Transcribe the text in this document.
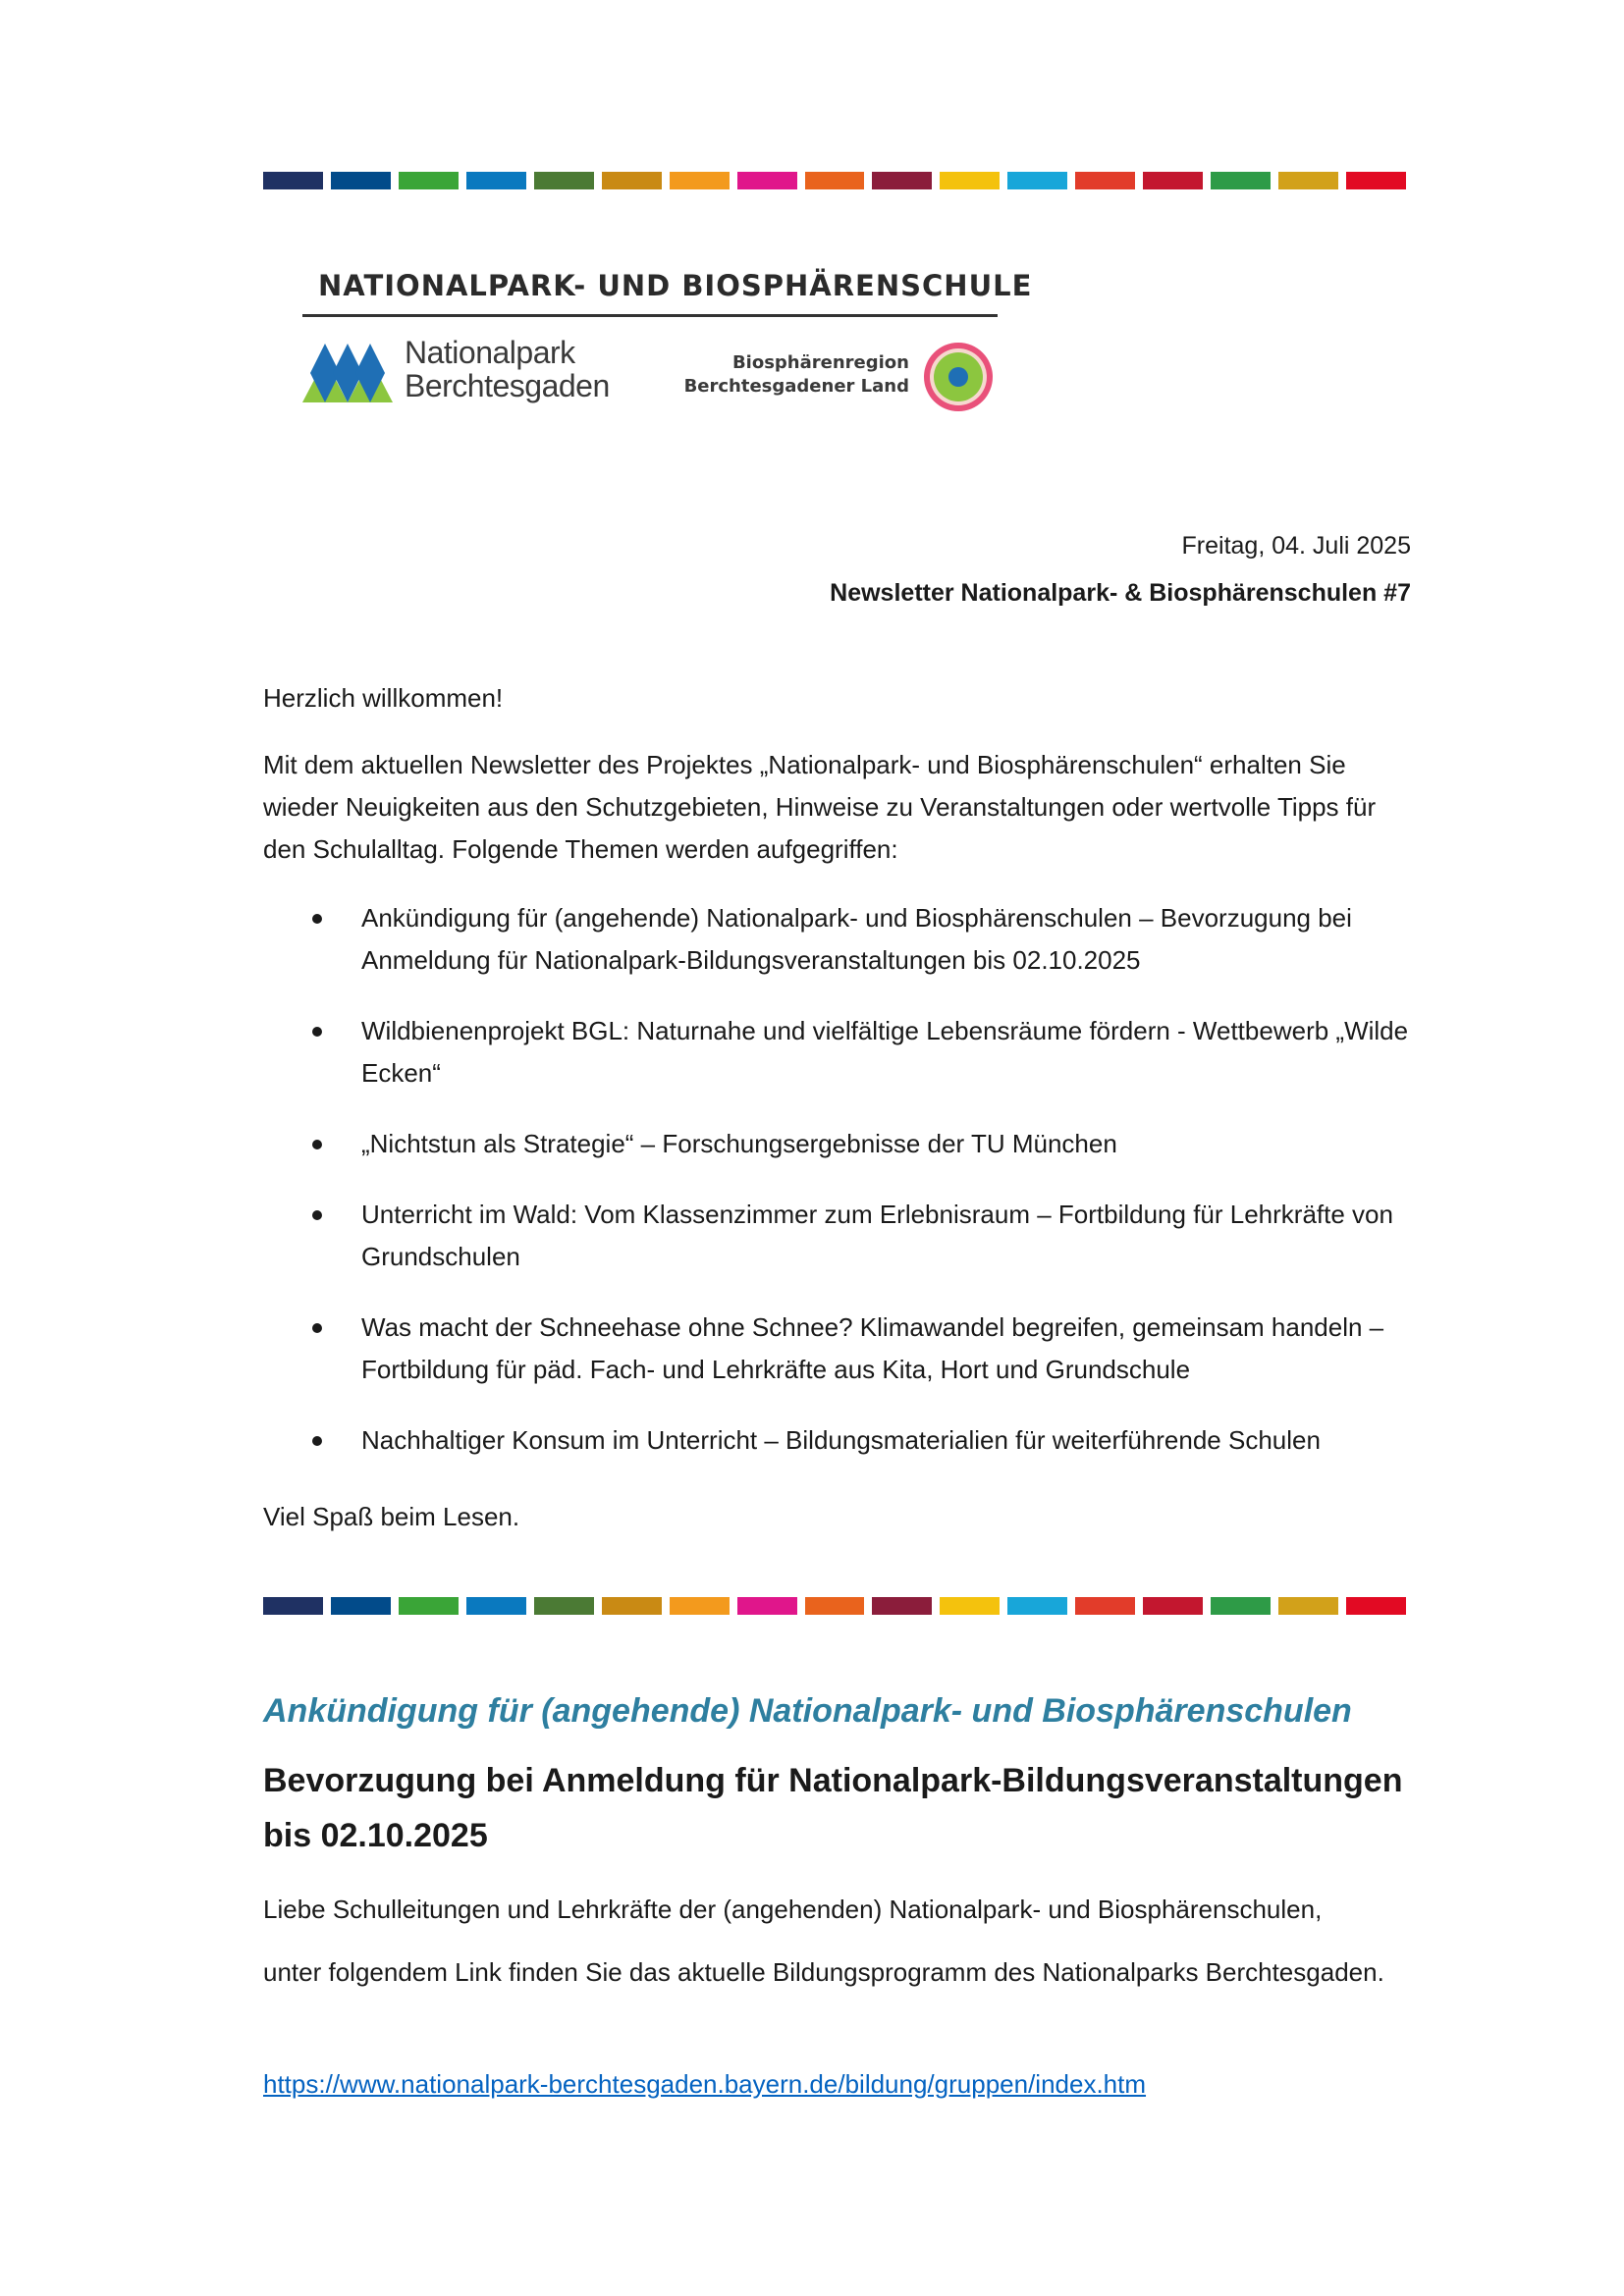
NATIONALPARK- UND BIOSPHÄRENSCHULE
Nationalpark
Berchtesgaden
Biosphärenregion
Berchtesgadener Land
Freitag, 04. Juli 2025
Newsletter Nationalpark- & Biosphärenschulen #7
Herzlich willkommen!
Mit dem aktuellen Newsletter des Projektes „Nationalpark- und Biosphärenschulen“ erhalten Sie wieder Neuigkeiten aus den Schutzgebieten, Hinweise zu Veranstaltungen oder wertvolle Tipps für den Schulalltag. Folgende Themen werden aufgegriffen:
Ankündigung für (angehende) Nationalpark- und Biosphärenschulen – Bevorzugung bei Anmeldung für Nationalpark-Bildungsveranstaltungen bis 02.10.2025
Wildbienenprojekt BGL: Naturnahe und vielfältige Lebensräume fördern - Wettbewerb „Wilde Ecken“
„Nichtstun als Strategie“ – Forschungsergebnisse der TU München
Unterricht im Wald: Vom Klassenzimmer zum Erlebnisraum – Fortbildung für Lehrkräfte von Grundschulen
Was macht der Schneehase ohne Schnee? Klimawandel begreifen, gemeinsam handeln – Fortbildung für päd. Fach- und Lehrkräfte aus Kita, Hort und Grundschule
Nachhaltiger Konsum im Unterricht – Bildungsmaterialien für weiterführende Schulen
Viel Spaß beim Lesen.
Ankündigung für (angehende) Nationalpark- und Biosphärenschulen
Bevorzugung bei Anmeldung für Nationalpark-Bildungsveranstaltungen bis 02.10.2025
Liebe Schulleitungen und Lehrkräfte der (angehenden) Nationalpark- und Biosphärenschulen,
unter folgendem Link finden Sie das aktuelle Bildungsprogramm des Nationalparks Berchtesgaden.
https://www.nationalpark-berchtesgaden.bayern.de/bildung/gruppen/index.htm
